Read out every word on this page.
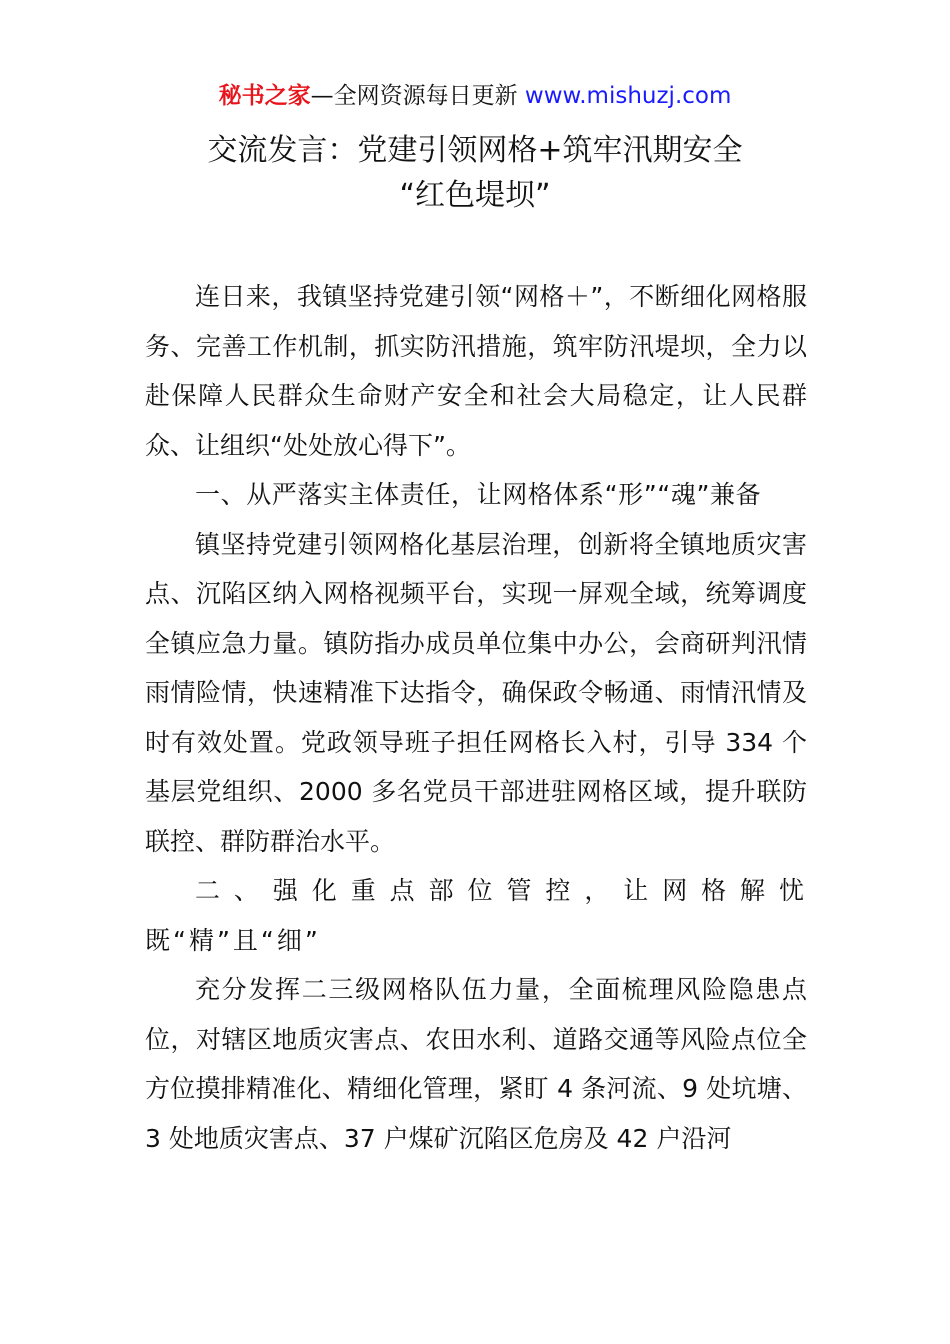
秘书之家—全网资源每日更新 www.mishuzj.com
交流发言：党建引领网格+筑牢汛期安全
“红色堤坝”

连日来，我镇坚持党建引领“网格＋”，不断细化网格服务、完善工作机制，抓实防汛措施，筑牢防汛堤坝，全力以赴保障人民群众生命财产安全和社会大局稳定，让人民群众、让组织“处处放心得下”。

一、从严落实主体责任，让网格体系“形”“魂”兼备

镇坚持党建引领网格化基层治理，创新将全镇地质灾害点、沉陷区纳入网格视频平台，实现一屏观全域，统筹调度全镇应急力量。镇防指办成员单位集中办公，会商研判汛情雨情险情，快速精准下达指令，确保政令畅通、雨情汛情及时有效处置。党政领导班子担任网格长入村，引导 334 个基层党组织、2000 多名党员干部进驻网格区域，提升联防联控、群防群治水平。

二、强化重点部位管控，让网格解忧既“精”且“细”

充分发挥二三级网格队伍力量，全面梳理风险隐患点位，对辖区地质灾害点、农田水利、道路交通等风险点位全方位摸排精准化、精细化管理，紧盯 4 条河流、9 处坑塘、3 处地质灾害点、37 户煤矿沉陷区危房及 42 户沿河
